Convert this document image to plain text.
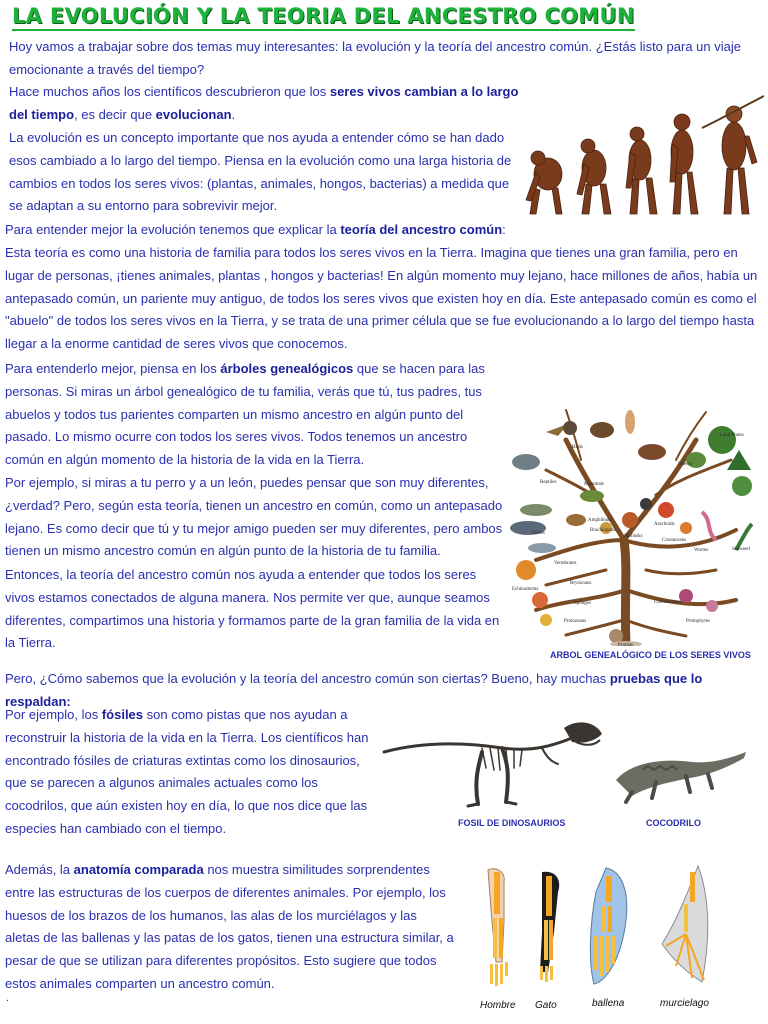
LA EVOLUCIÓN Y LA TEORIA DEL ANCESTRO COMÚN

Hoy vamos a trabajar sobre dos temas muy interesantes: la evolución y la teoría del ancestro común. ¿Estás listo para un viaje emocionante a través del tiempo?

Hace muchos años los científicos descubrieron que los seres vivos cambian a lo largo del tiempo, es decir que evolucionan.

La evolución es un concepto importante que nos ayuda a entender cómo se han dado esos cambiado a lo largo del tiempo. Piensa en la evolución como una larga historia de cambios en todos los seres vivos: (plantas, animales, hongos, bacterias) a medida que se adaptan a su entorno para sobrevivir mejor.

Para entender mejor la evolución tenemos que explicar la teoría del ancestro común:

Esta teoría es como una historia de familia para todos los seres vivos en la Tierra. Imagina que tienes una gran familia, pero en lugar de personas, ¡tienes animales, plantas , hongos y bacterias! En algún momento muy lejano, hace millones de años, había un antepasado común, un pariente muy antiguo, de todos los seres vivos que existen hoy en día. Este antepasado común es como el "abuelo" de todos los seres vivos en la Tierra, y se trata de una primer célula que se fue evolucionando a lo largo del tiempo hasta llegar a la enorme cantidad de seres vivos que conocemos.

Para entenderlo mejor, piensa en los árboles genealógicos que se hacen para las personas. Si miras un árbol genealógico de tu familia, verás que tú, tus padres, tus abuelos y todos tus parientes comparten un mismo ancestro en algún punto del pasado. Lo mismo ocurre con todos los seres vivos. Todos tenemos un ancestro común en algún momento de la historia de la vida en la Tierra.

Por ejemplo, si miras a tu perro y a un león, puedes pensar que son muy diferentes, ¿verdad? Pero, según esta teoría, tienen un ancestro en común, como un antepasado lejano. Es como decir que tú y tu mejor amigo pueden ser muy diferentes, pero ambos tienen un mismo ancestro común en algún punto de la historia de tu familia.

Entonces, la teoría del ancestro común nos ayuda a entender que todos los seres vivos estamos conectados de alguna manera. Nos permite ver que, aunque seamos diferentes, compartimos una historia y formamos parte de la gran familia de la vida en la Tierra.

Birds
Land Plants
Insects
Reptiles	Mammals
Amphibians
Arachnids
Fishes
Brachiopoda
Mollusks
Crustaceans
Worms	Seaweed
Echinoderms
Vertebrates
Bryozoans
Sponges
Protozoans
Coelenterates
Protophytes
Protists

ARBOL GENEALÓGICO DE LOS SERES VIVOS

Pero, ¿Cómo sabemos que la evolución y la teoría del ancestro común son ciertas? Bueno, hay muchas pruebas que lo respaldan:

Por ejemplo, los fósiles son como pistas que nos ayudan a reconstruir la historia de la vida en la Tierra. Los científicos han encontrado fósiles de criaturas extintas como los dinosaurios, que se parecen a algunos animales actuales como los cocodrilos, que aún existen hoy en día, lo que nos dice que las especies han cambiado con el tiempo.	FOSIL DE DINOSAURIOS	COCODRILO

Además, la anatomía comparada nos muestra similitudes sorprendentes entre las estructuras de los cuerpos de diferentes animales. Por ejemplo, los huesos de los brazos de los humanos, las alas de los murciélagos y las aletas de las ballenas y las patas de los gatos, tienen una estructura similar, a pesar de que se utilizan para diferentes propósitos. Esto sugiere que todos estos animales comparten un ancestro común.

.
Hombre Gato	ballena	murcielago
